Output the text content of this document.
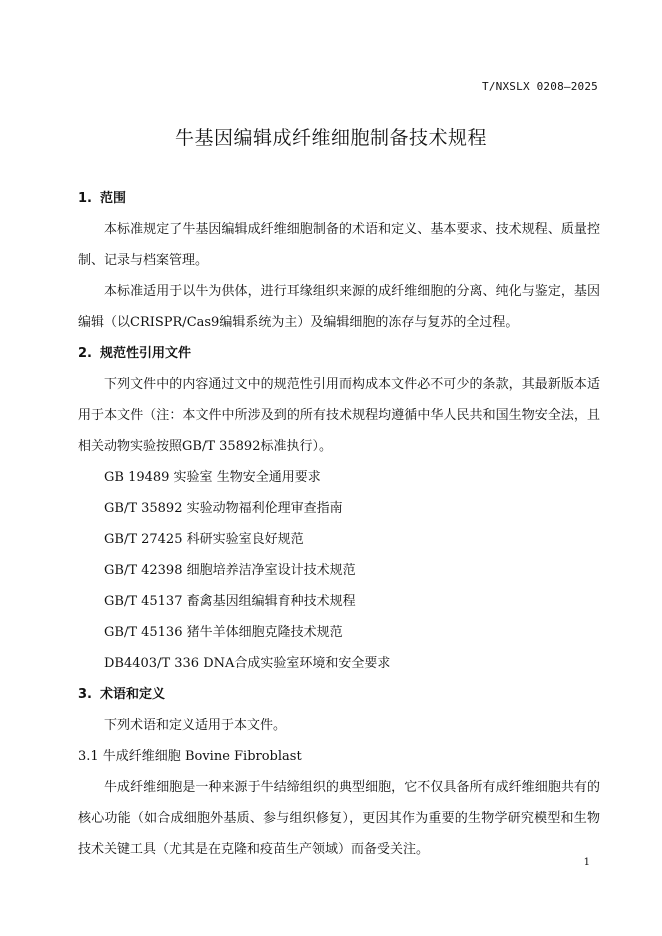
T/NXSLX 0208—2025
牛基因编辑成纤维细胞制备技术规程
1. 范围

本标准规定了牛基因编辑成纤维细胞制备的术语和定义、基本要求、技术规程、质量控制、记录与档案管理。

本标准适用于以牛为供体，进行耳缘组织来源的成纤维细胞的分离、纯化与鉴定，基因编辑（以CRISPR/Cas9编辑系统为主）及编辑细胞的冻存与复苏的全过程。

2. 规范性引用文件

下列文件中的内容通过文中的规范性引用而构成本文件必不可少的条款，其最新版本适用于本文件（注：本文件中所涉及到的所有技术规程均遵循中华人民共和国生物安全法，且相关动物实验按照GB/T 35892标准执行）。

GB 19489 实验室 生物安全通用要求

GB/T 35892 实验动物福利伦理审查指南

GB/T 27425 科研实验室良好规范

GB/T 42398 细胞培养洁净室设计技术规范

GB/T 45137 畜禽基因组编辑育种技术规程

GB/T 45136 猪牛羊体细胞克隆技术规范

DB4403/T 336 DNA合成实验室环境和安全要求

3. 术语和定义

下列术语和定义适用于本文件。

3.1 牛成纤维细胞 Bovine Fibroblast

牛成纤维细胞是一种来源于牛结缔组织的典型细胞，它不仅具备所有成纤维细胞共有的核心功能（如合成细胞外基质、参与组织修复），更因其作为重要的生物学研究模型和生物技术关键工具（尤其是在克隆和疫苗生产领域）而备受关注。

1
